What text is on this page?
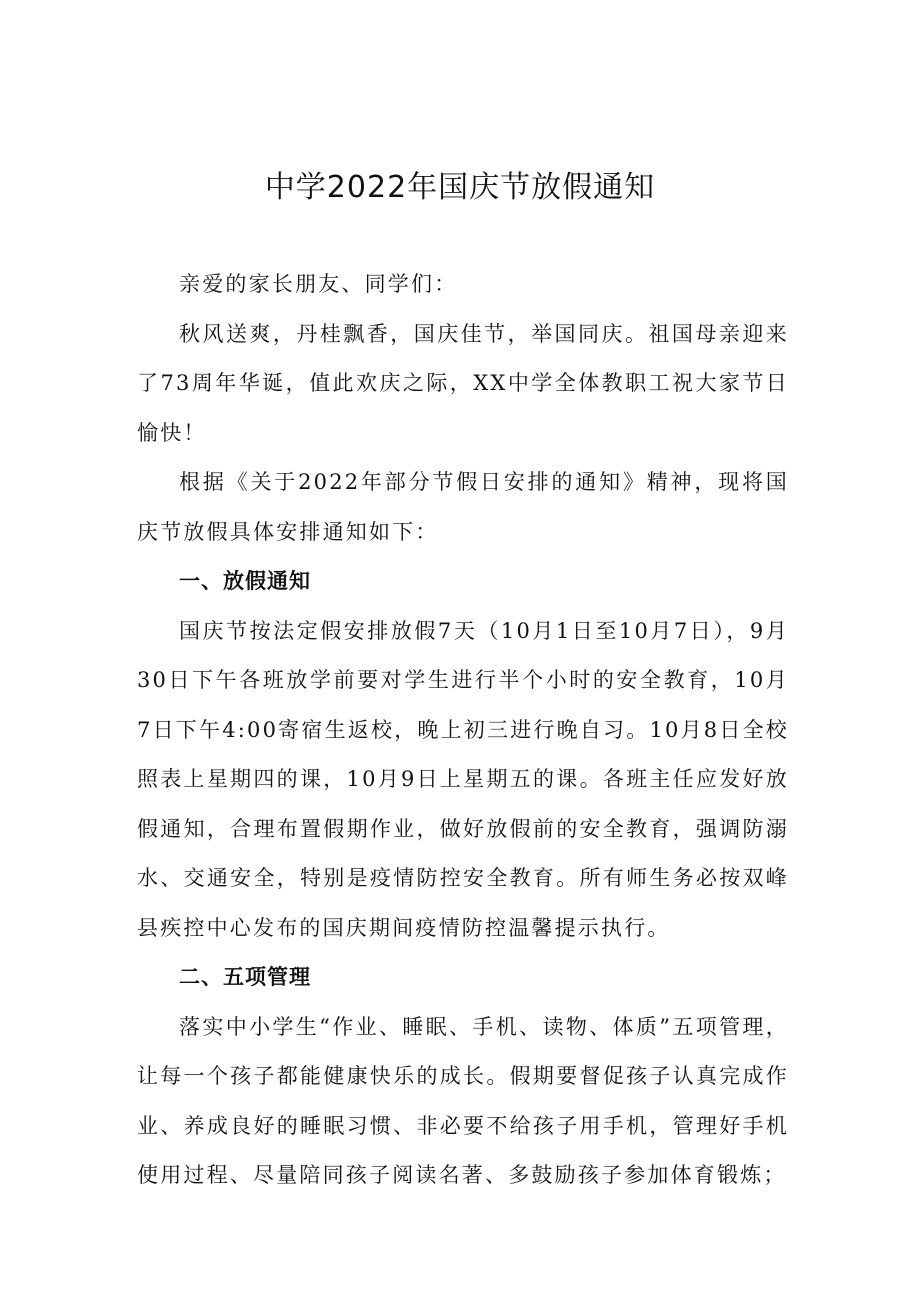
中学2022年国庆节放假通知

亲爱的家长朋友、同学们：

秋风送爽，丹桂飘香，国庆佳节，举国同庆。祖国母亲迎来了73周年华诞，值此欢庆之际，XX中学全体教职工祝大家节日愉快！

根据《关于2022年部分节假日安排的通知》精神，现将国庆节放假具体安排通知如下：

一、放假通知

国庆节按法定假安排放假7天（10月1日至10月7日），9月30日下午各班放学前要对学生进行半个小时的安全教育，10月7日下午4:00寄宿生返校，晚上初三进行晚自习。10月8日全校照表上星期四的课，10月9日上星期五的课。各班主任应发好放假通知，合理布置假期作业，做好放假前的安全教育，强调防溺水、交通安全，特别是疫情防控安全教育。所有师生务必按双峰县疾控中心发布的国庆期间疫情防控温馨提示执行。

二、五项管理

落实中小学生“作业、睡眠、手机、读物、体质”五项管理，让每一个孩子都能健康快乐的成长。假期要督促孩子认真完成作业、养成良好的睡眠习惯、非必要不给孩子用手机，管理好手机使用过程、尽量陪同孩子阅读名著、多鼓励孩子参加体育锻炼；
